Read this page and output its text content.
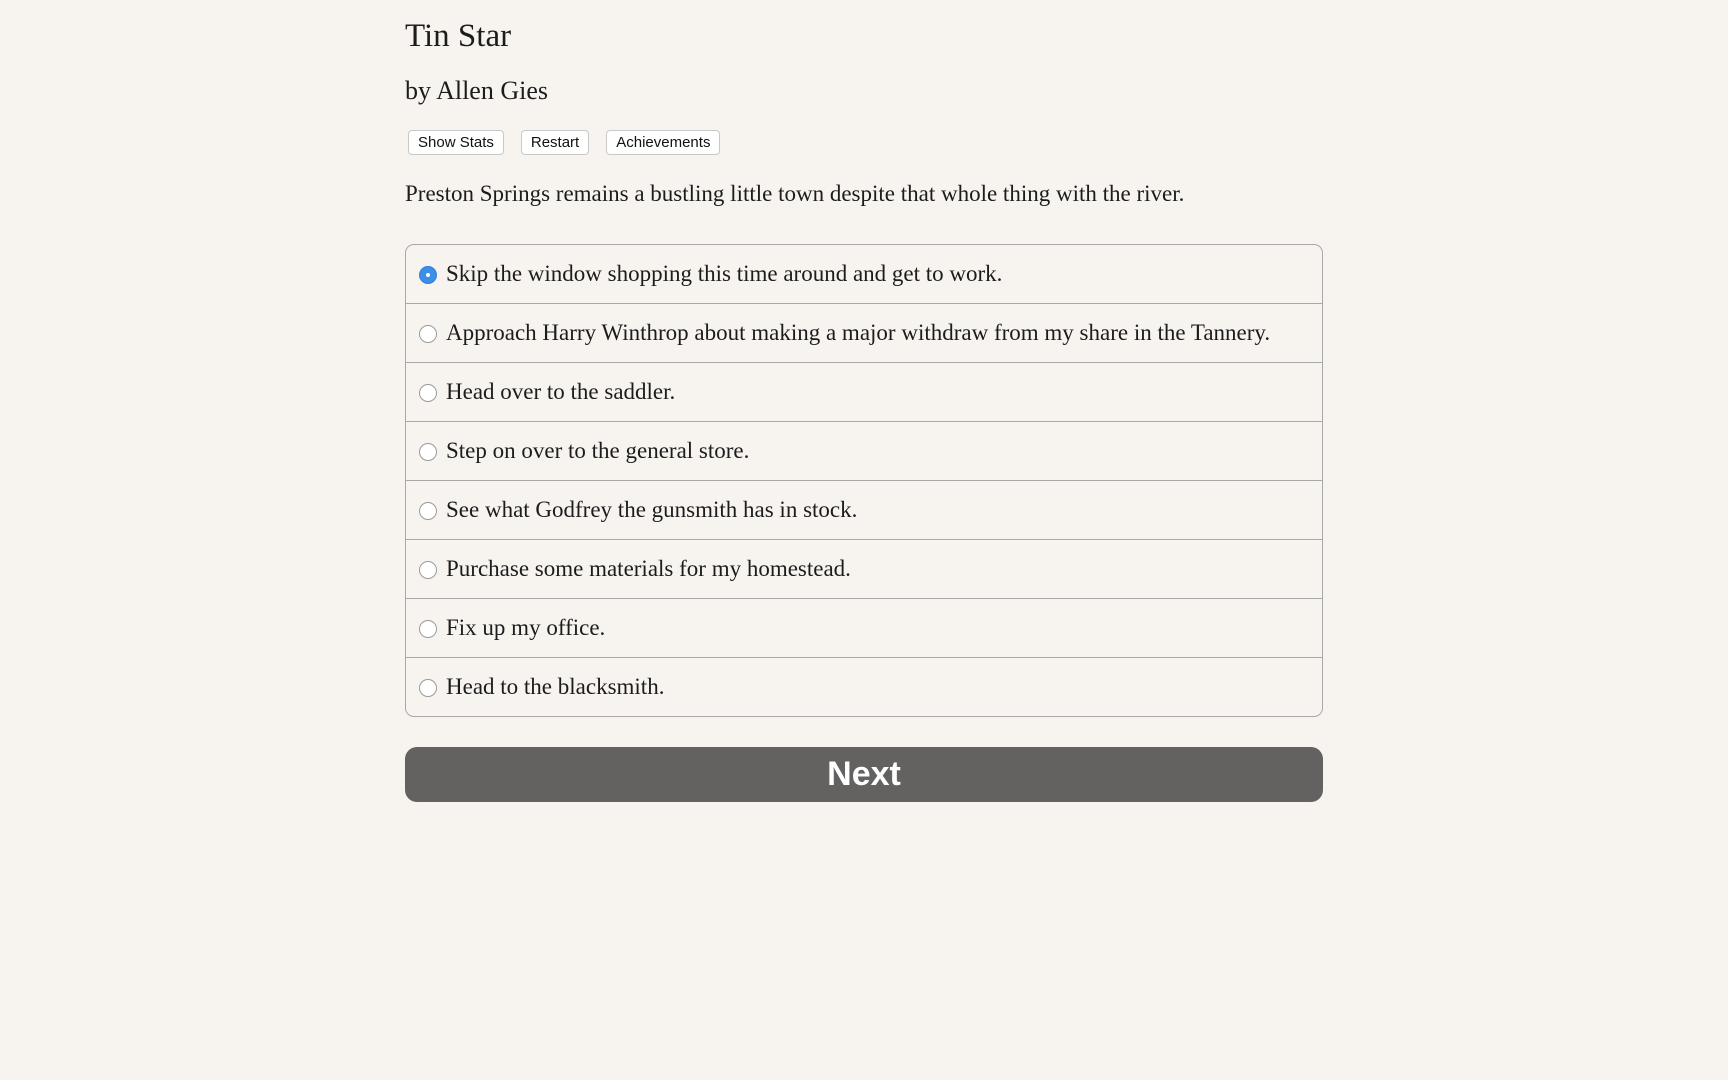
Tin Star
by Allen Gies
Show Stats	Restart	Achievements

Preston Springs remains a bustling little town despite that whole thing with the river.

Skip the window shopping this time around and get to work.
Approach Harry Winthrop about making a major withdraw from my share in the Tannery.
Head over to the saddler.
Step on over to the general store.
See what Godfrey the gunsmith has in stock.
Purchase some materials for my homestead.
Fix up my office.
Head to the blacksmith.
Next
